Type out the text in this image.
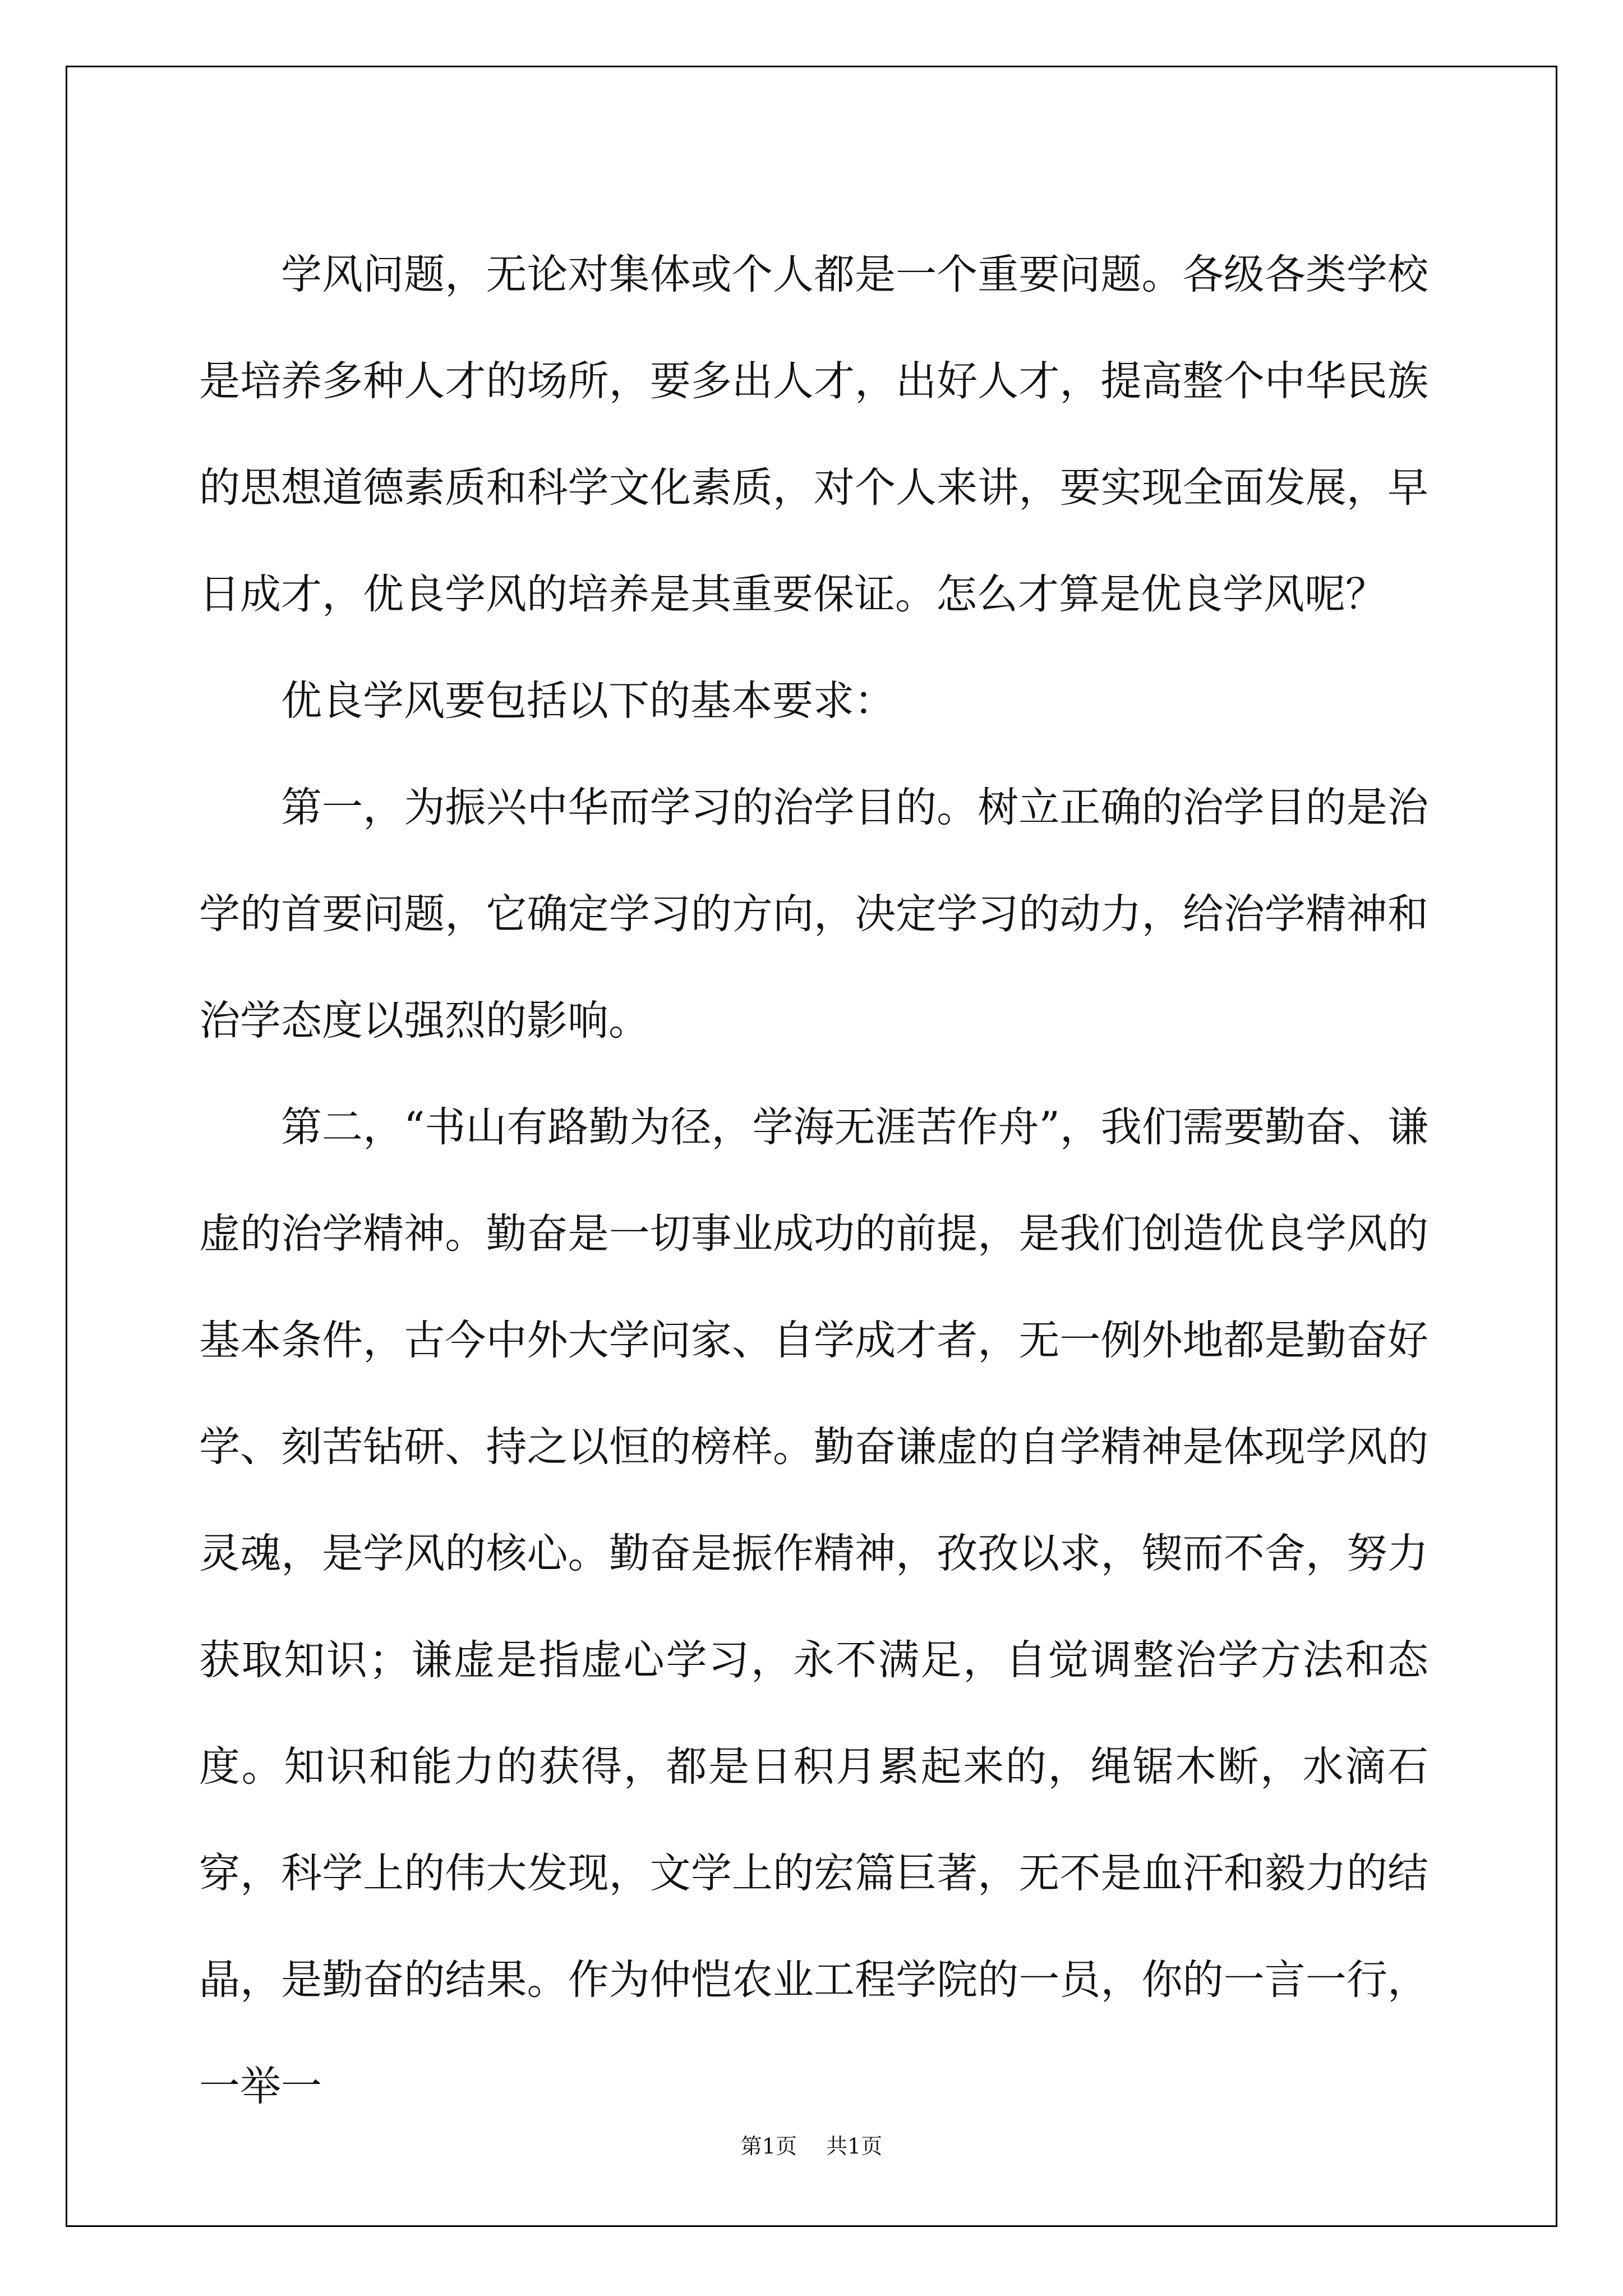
学风问题，无论对集体或个人都是一个重要问题。各级各类学校是培养多种人才的场所，要多出人才，出好人才，提高整个中华民族的思想道德素质和科学文化素质，对个人来讲，要实现全面发展，早日成才，优良学风的培养是其重要保证。怎么才算是优良学风呢？

优良学风要包括以下的基本要求：

第一，为振兴中华而学习的治学目的。树立正确的治学目的是治学的首要问题，它确定学习的方向，决定学习的动力，给治学精神和治学态度以强烈的影响。

第二，“书山有路勤为径，学海无涯苦作舟”，我们需要勤奋、谦虚的治学精神。勤奋是一切事业成功的前提，是我们创造优良学风的基本条件，古今中外大学问家、自学成才者，无一例外地都是勤奋好学、刻苦钻研、持之以恒的榜样。勤奋谦虚的自学精神是体现学风的灵魂，是学风的核心。勤奋是振作精神，孜孜以求，锲而不舍，努力获取知识；谦虚是指虚心学习，永不满足，自觉调整治学方法和态度。知识和能力的获得，都是日积月累起来的，绳锯木断，水滴石穿，科学上的伟大发现，文学上的宏篇巨著，无不是血汗和毅力的结晶，是勤奋的结果。作为仲恺农业工程学院的一员，你的一言一行，一举一

第1页 共1页
